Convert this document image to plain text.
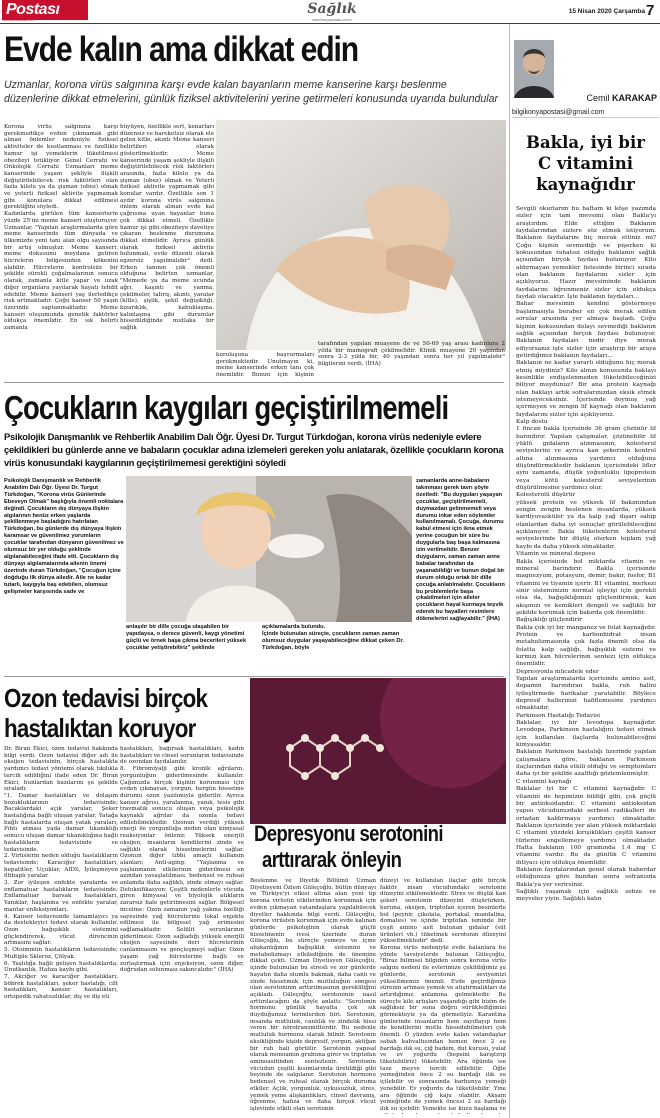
Postası
www.konyapostasi.com.tr
Sağlık
www.konyapostasi.com.tr
15 Nisan 2020 Çarşamba 7
Evde kalın ama dikkat edin
Uzmanlar, korona virüs salgınına karşı evde kalan bayanların meme kanserine karşı beslenme düzenlerine dikkat etmelerini, günlük fiziksel aktivitelerini yerine getirmeleri konusunda uyarıda bulundular
Korona virüs salgınına karşı gerekmedikçe evden çıkmamak gibi alınan önlemler nedeniyle fiziksel aktiviteler de kısıtlanması ve özellikle hamur işi yemeklerin tüketilmesi obeziteyi tetikliyor. Genel Cerrahi ve Onkolojik Cerrahi Uzmanları meme kanserinde yaşam şekliyle ilişkili değiştirilebilecek risk faktörleri olan fazla kilolu ya da şişman (obez) olmak ve yeterli fiziksel aktivite yapmamak gibi konulara dikkat edilmesi gerektiğini söyledi.
Kadınlarda görülen tüm kanserlerin yüzde 25'ini meme kanseri oluşturuyor. Uzmanlar, "Yapılan araştırmalarda göre meme kanserinde tüm dünyada ve ülkemizde yeni tanı alan olgu sayısında bir artış olmuştur. Meme kanseri, meme dokusunu meydana getiren hücrelerin bölgesinden kökenini alabilir. Hücrelerin kontrolsüz bir şekilde sürekli çoğalmalarının sonucu olarak, zamanla kitle yapar ve uzak diğer organlara yayılarak hayatı tehdit edebilir. Meme kanseri yaş ilerledikçe risk artmaktadır. Çoğu kanser 50 yaşın üzerinde saptanmaktadır. Meme kanseri oluşumunda genetik faktörler oldukça önemlidir. En sık belirti zamanla
büyüyen, özellikle sert, kenarları düzensiz ve hareketsiz olarak ele gelen kitle, akıntı Meme kanseri belirtileri olarak gösterilmektedir. Meme kanserinde yaşam şekliyle ilişkili değiştirilebilecek risk faktörleri arasında, fazla kilolu ya da şişman (obez) olmak ve Yeterli fiziksel aktivite yapmamak gibi konular vardır. Özellikle son 1 aydır korona virüs salgınına önlem olarak alınan evde kal çağrısına uyan bayanlar buna çok dikkat etmeli. Özellikle hamur işi gibi obeziteye davetiye çıkaran beslenme durumuna dikkat etmelidir. Ayrıca günlük olarak fiziksel aktivite bulunmalı, evde düzenli olarak egzersiz yapılmalıdır" dedi. Erken tanının çok önemli olduğuna belirten uzmanlar, "Memede ya da meme ucunda ağrı, kaşıntı ve yanma, çekilmeler, tahriş, akıntı, yaralar (kitle), şişlik, şekil değişikliği, kızarıklık, kabuklaşma, kalınlaşma gibi durumlar hissedildiğinde mutlaka bir sağlık
kuruluşuna başvurmaları gerekmektedir. Unutmayın ki, meme kanserinde erken tanı çok önemlidir. Bunun için kişinin
tarafından yapılan muayene de ve 50-69 yaş arası kadınlara 2 yılda bir mamografi çekilmelidir. Klinik muayene 20 yaşından sonra 2-3 yılda bir, 40 yaşından sonra her yıl yapılmalıdır" bilgilerini verdi. (İHA)
Çocukların kaygıları geçiştirilmemeli
Psikolojik Danışmanlık ve Rehberlik Anabilim Dalı Öğr. Üyesi Dr. Turgut Türkdoğan, korona virüs nedeniyle evlere çekildikleri bu günlerde anne ve babaların çocuklar adına izlemeleri gereken yolu anlatarak, özellikle çocukların korona virüs konusundaki kaygılarının geçiştirilmemesi gerektiğini söyledi
Psikolojik Danışmanlık ve Rehberlik Anabilim Dalı Öğr. Üyesi Dr. Turgut Türkdoğan, "Korona virüs Günlerinde Ebeveyn Olmak" başlığıyla önemli noktalara değindi. Çocukların dış dünyaya ilişkin algılarının henüz erken yaşlarda şekillenmeye başladığını hatırlatan Türkdoğan, bu günlerde dış dünyaya ilişkin karamsar ve güvenilmez yorumların çocuklar tarafından dünyanın güvenilmez ve olumsuz bir yer olduğu şeklinde algılanabileceğini ifade etti. Çocukların dış dünyayı algılamalarında ailenin önemi üzerinde duran Türkdoğan, "Çocuğun içine doğduğu ilk dünya ailedir. Aile ne kadar tutarlı, kaygıyla baş edebilen, olumsuz gelişmeler karşısında sade ve
anlaşılır bir dille çocuğa ulaşabilen bir yapıdaysa, o derece güvenli, kaygı yönetimi güçlü ve örnek başa çıkma becerileri yüksek çocuklar yetiştirebiliriz" şeklinde
açıklamalarda bulundu.
İçinde bulunulan süreçte, çocukların zaman zaman olumsuz duygular yaşayabileceğine dikkat çeken Dr. Türkdoğan, böyle
zamanlarda anne-babaların takınması gerek tavrı şöyle özetledi: "Bu duyguları yaşayan çocuklar, geçiştirilmemeli, duymazdan gelinmemeli veya durumu inkar eden söylemler kullanılmamalı. Çocuğa, durumu kabul etmesi için ikna etmek yerine çocuğun bir süre bu duygularla baş başa kalmasına izin verilmelidir. Benzer duyguların, zaman zaman anne babalar tarafından da yaşanabildiği ve bunun doğal bir durum olduğu ortak bir dille çocuğa anlatılmalıdır. Çocukların bu problemlerle başa çıkabilmeleri için aileler çocukların hayal kurmaya teşvik ederek bu hayalleri resimlere dökmelerini sağlayabilir." (İHA)
Ozon tedavisi birçok
hastalıktan koruyor
Dr. Biran Ekici, ozon tedavisi hakkında bilgi verdi. Ozon tedavisi diğer adı ile oksijen tedavisinin, birçok hastalıkta yardımcı tedavi yöntemi olarak tıkılıkla tercih edildiğini ifade eden Dr. Biran Ekici, bunlardan bazılarını şu şekilde sıraladı:
"1. Damar hastalıkları ve dolaşım bozukluklarının tedavisinde; Bacaklardaki açık yaralar, Şeker hastalığına bağlı oluşan yaralar, Yatağa bağlı hastalarda oluşan yatak yaraları, Pıhtı atması yada damar tıkanıklığı sonucu oluşan damar tıkanıklığına bağlı hastalıkların tedavisinde ve tedavisinde.
2. Virüslerin neden olduğu hastalıkların tedavisinde; Karaciğer hastalıkları, hepatitler, Uçuklar, AIDS, İyileşmeyen iltihaplı yaralar.
3. Zor iyileşen enfekte yaralarda ve enflamatuar hastalıkların tedavisinde; Enflamatuar barsak hastalıkları, Yanıklar, haşlanma ve enfekte yaralar, mantar enfeksiyonları.
4. Kanser tedavisinde tamamlayıcı ya da destekleyici tedavi olarak kullanılır. Ozon bağışıklık sistemini güçlendirerek, vücut direncinin artmasını sağlar.
5. Otoimmün hastalıkların tedavisinde; Multiple Skleroz, Çölyak.
6. Yaşlılığa bağlı gelişen hastalıklarda; Unutkanlık, Hafıza kaybı gibi.
7. Akciğer ve karaciğer hastalıkları, böbrek hastalıkları, şeker hastalığı, cilt hastalıkları, kanser hastalıkları, ortopedik rahatsızlıklar, diş ve diş eti
hastalıkları, bağırsak hastalıkları, kadın hastalıkları ve cinsel sorunların tedavisinde de ozondan faydalanılır.
8. Fibromiyalji gibi kronik ağrıların, yorgunluğun giderilmesinde kullanılır. Çağımızda birçok kişinin korunması için evden çıkmayan, yorgun, hergün hissetme durumu ozon yazılımıyla giderilir. Ayrıca kanser ağrısı, yaralanma, yanık, tesis gibi travmatik sonucu oluşan veya psikolojik kaynaklı ağrılar da ozonla tedavi edilebilmektedir. Ozonun verdiği yüksek enerji ile yorgunluğa neden olan kimyasal reaksiyonlar önlenir. Yüksek enerjili oksijen, insanların kendilerini zinde ve sağlıklı olarak hissetmelerini sağlar. Ozonun diğer tıbbi amaçlı kullanım alanları; Anti-aging: "Yaşlanma ve yaşlanmanın etkilerinin giderilmesi en azından yavaşlatılması, bedensel ve ruhsal anlamda daha sağlıklı, zinde olmayı sağlar. Detoksifikasyon: Çeşitli nedenlerle vücuda giren kimyasal ve biyolojik atıkların zararsız hale getirilmesini sağlar. Bölgesel incelme: Ozon zamanın yağ yakma özelliği sayesinde yağ hücrelerine lokal enjekte edilmesi ile bölgesel yağ erimesini sağlamaktadır. Selülit sorunlarının giderilmesi: Ozon sağladığı yüksek enerjili oksijen sayesinde deri hücrelerinin canlanmasını ve gençleşmeyi sağlar. Ozon yaşam yağ hücrelerine bağlı ve zorlaştırmak için enjeksiyon, ozon diğer, doğrudan solunması sakıncalıdır." (İHA)
Depresyonu serotonini
arttırarak önleyin
Beslenme ve Diyetik Bölümü Uzman Diyetisyeni Özlem Güleçoğlu, bütün dünyayı ve Türkiye'yi etkisi altına alan yeni tip korona virüsün etkilerinden korunmak için evden çıkmayan vatandaşlara yapılabilecek diyetler hakkında bilgi verdi. Güleçoğlu, korona virüsten korunmak için evde kalınan günlerde psikolojinin olarak güçlü hissetmenin ivesi üzerinde duran Güleçoğlu, bu süreçte yemeye ve içme alışkanlığının bağışıklık sistemini ve metabolizmayı etkilediğinin de önemine dikkat çekti. Uzman Diyetisyen Güleçoğlu, içinde bulunulan bu stresli ve zor günlerde hayatın daha olumlu bakmak, daha canlı ve zinde hissetmek için mutluluğun simgesi olan serotoninin arttırılmasının gerekliliğini açıkladı. Güleçoğlu, serotoninin nasıl arttırılacağını da şöyle anlattı: "Serotonin hormonu günlük hayatta çok sık duyduğumuz terimlerden biri. Serotonin, insanda mutluluk, canlılık ve zindelik hissi veren bir nörotransmitterdir. Bu nedenle mutluluk hormonu olarak bilinir. Serotonin eksikliğinde kişide depresif, yorgun, aktiğan bir ruh hali görülür. Serotonin yapısal olarak monoamin grubuna girer ve triptofan aminoasitinden sentezlenir. Serotonin vücudun çeşitli kısımlarında üretildiği gibi beyinde de salgılanır. Serotonin hormonu bedensel ve ruhsal olarak birçok duruma etkiler. Açlık, yorgunluk, uykusuzluk, stres, yemek yeme alışkanlıkları, cinsel davranış, öğrenme, hafıza ve daha birçok vücut işlevinde etkili olan serotonin
düzeyi ve kullanılan ilaçlar gibi birçok faktör insan vücudundaki serotonin düzeyini etkilemektedir. Stres ve düşük kan şekeri serotonin düzeyini düşürürken, kuruna, oksijen, triptofan içeren besinlerle bol (peynir, çikolata, portakal, mandalina, domates) ve içinde triptofan isminde bir çeşit amino asit bulunan gıdalar (süt ürünleri vb.) tüketmek serotonin düzeyini yükseltmektedir" dedi.
Korona virüs nedeniyle evde kalanlara bu yönde tavsiyelerde bulunan Güleçoğlu, "Biraz bilimsel bilgiden sonra korona virüs salgını nedeni ile evlerimize çekildiğimiz şu günlerde, serotonin seviyemizi yükseltmemiz önemli. Evde geçirdiğimiz sürenin artması yemek ve atıştırmalıkları da artırdığımız anlamına gelmektedir. Bu süreçte kilo artışları yaşandığı gibi bizim de sağlıksız bir sona doğru sürüklediğimizi görmekteyiz ya da görmeliyiz. Karantina günlerinde insanların hem zayıflayıp hem de kendilerini mutlu hissedebilmeleri çok önemli. O yüzden evde kalan vatandaşlar sabah kahvaltısından hemen önce 2 su bardağı ılık su, çiğ badem, dut kurusu, yulaf ve ev yoğurdu (hepsini karıştırıp tüketebiliriz) tüketebilir. Ara öğünde ise taze meyve tercih edilebilir. Öğle yemeğinden önce 2 su bardağı ılık su içilebilir ve sonrasında barbunya yemeği yenebilir. Ev yoğurdu da tüketilebilir. Yine ara öğünde çiğ kaju olabilir. Akşam yemeğinde de yemek öncesi 2 su bardağı ılık su içebilir. Yemekte ise kuzu haşlama ve
Cemil KARAKAP
bilgikonyapostasi@gmail.com
Bakla, iyi bir
C vitamini
kaynağıdır
Sevgili okurlarım bu haftam ki köşe yazımda sizler için tam mevsimi olan Bakla'yı araştırdım. Elde ettiğim Baklanın faydalarından sizlere söz etmek istiyorum. Baklanın faydalarını hiç merak ettiniz mi? Çoğu kişinin sevmediği ve pişerken ki kokusundan rahatsız olduğu baklanın sağlık açısından birçok faydası bulunuyor. Kilo aldırmayan yemekler listesinde birinci sırada olan baklanın faydalarını sizler için açıklıyoruz. Hazır mevsiminde baklanın faydalarını öğrenmeniz sizler için oldukça faydalı olacaktır. İşte baklanın faydaları...
Bahar mevsimin kendini göstermeye başlamasıyla beraber en çok merak edilen sorular arasında yer almaya başladı. Çoğu kişinin kokusundan dolayı sevmediği baklanın sağlık açısından birçok faydası bulunuyor. Baklanın faydaları nedir diye merak ediyorsanız işte sizler için araştırıp bir araya getirdiğimiz baklanın faydaları...
Baklanın ne kadar yararlı olduğunu hiç merak etmiş miydiniz? Kilo almın konusunda baklayı kesinlikle endişelenmeden tüketebileceğinizi biliyor muydunuz? Bir ana protein kaynağı olan baklayı artık sofralarınızdan eksik etmek istemeyeceksiniz. İçerisinde doymuş yağ içermeyen ve zengin lif kaynağı olan baklanın faydalarını sizler için açıklıyoruz.
Kalp dostu
1 fincan bakla içerisinde 36 gram çözünür lif barındırır. Yapılan çalışmalar, çözünebilir lif yüklü gıdaların alınmasının, kolesterol seviyelerini ve ayrıca kan şekerinin kontrol altına alınmasına yardımcı olduğunu düşündürmektedir baklanın içerisindeki lifler aynı zamanda, düşük yoğunluklu lipoprotein veya kötü kolesterol seviyelerinin düşürülmesine yardımcı olur.
Kolesterolü düşürür
yüksek protein ve yüksek lif bakımından zengin zengin beslenen insanlarda, yüksek kardiyovasküler ya da kalp yağ dışarı sahip olanlardan daha iyi sonuçlar görülebileceğini açıklanıyor. Bakla tüketenlerin kolesterol seviyelerinde bir düşüş olurken toplam yağ kaybı da daha yüksek olmaktadır.
Vitamin ve mineral deposu
Bakla içerisinde bol miktarda vitamin ve mineral barındırır. Bakla içerisinde magnezyum, potasyum, demir, bakır, fosfor, B1 vitamini ve tiyamin içerir. B1 vitamini, merkezi sinir sisteminizin normal işleyişi için gerekli olsa da, bağışıklığımızı güçlendirmek, kan akışınızı ve kemikleri dengeli ve sağlıklı bir şekilde korumak için bakırda çok önemlidir.
Bağışıklığı güçlendirir
Bakla çok iyi bir manganez ve folat kaynağıdır. Protein ve karbonhidrat insan metabolizmasında çok fazla önemli olsa da folatta kalp sağlığı, bağışıklık sistemi ve kırmızı kan hücrelerinin sentezi için oldukça önemlidir.
Depresyonla mücadele eder
Yapılan araştırmalarda içerisinde amino asit, dopamin barındıran bakla, ruh halini iyileştirmede harikalar yaratabilir. Böylece depresif hallerinizi hafiflemesine yardımcı olmaktadır.
Parkinson Hastalığı Tedavisi
Baklalar, iyi bir levodopa kaynağıdır. Levodopa, Parkinson hastalığını tedavi etmek için kullanılan ilaçlarda bulunabileceğini kimyasaldır.
Baklanın Parkinson hastalığı üzerinde yapılan çalışmalara göre, baklanın Parkinson ilaçlarından daha etkili olduğu ve semptomları daha iyi bir şekilde azalttığı gözlemlenmiştir.
C vitamini kaynağı
Baklalar iyi bir C vitamini kaynağıdır. C vitamini de hepimizin bildiği gibi, çok güçlü bir antioksidandır. C vitamini antioksidan yapısı vücudunuzdaki serbest radikalleri de ortadan kaldırmaya yardımcı olmaktadır. Baklanın içerisinde yer alan yüksek miktardaki C vitamini yüzdeki kırışıklıkları çeşitli kanser türlerini engellemeye yardımcı olmaktadır. Hatta baklanın 100 gramında 1.4 mg C vitamini vardır. Bu da günlük C vitamini ihtiyacı için oldukça önemlidir.
Baklanın faydalarından genel olarak haberdar olduğunuza göre bundan sonra sofranızda Bakla'ya yer verirsiniz.
Sağlıklı yaşamak için sağlıklı sebze ve meyveler yiyin. Sağlıklı kalın
